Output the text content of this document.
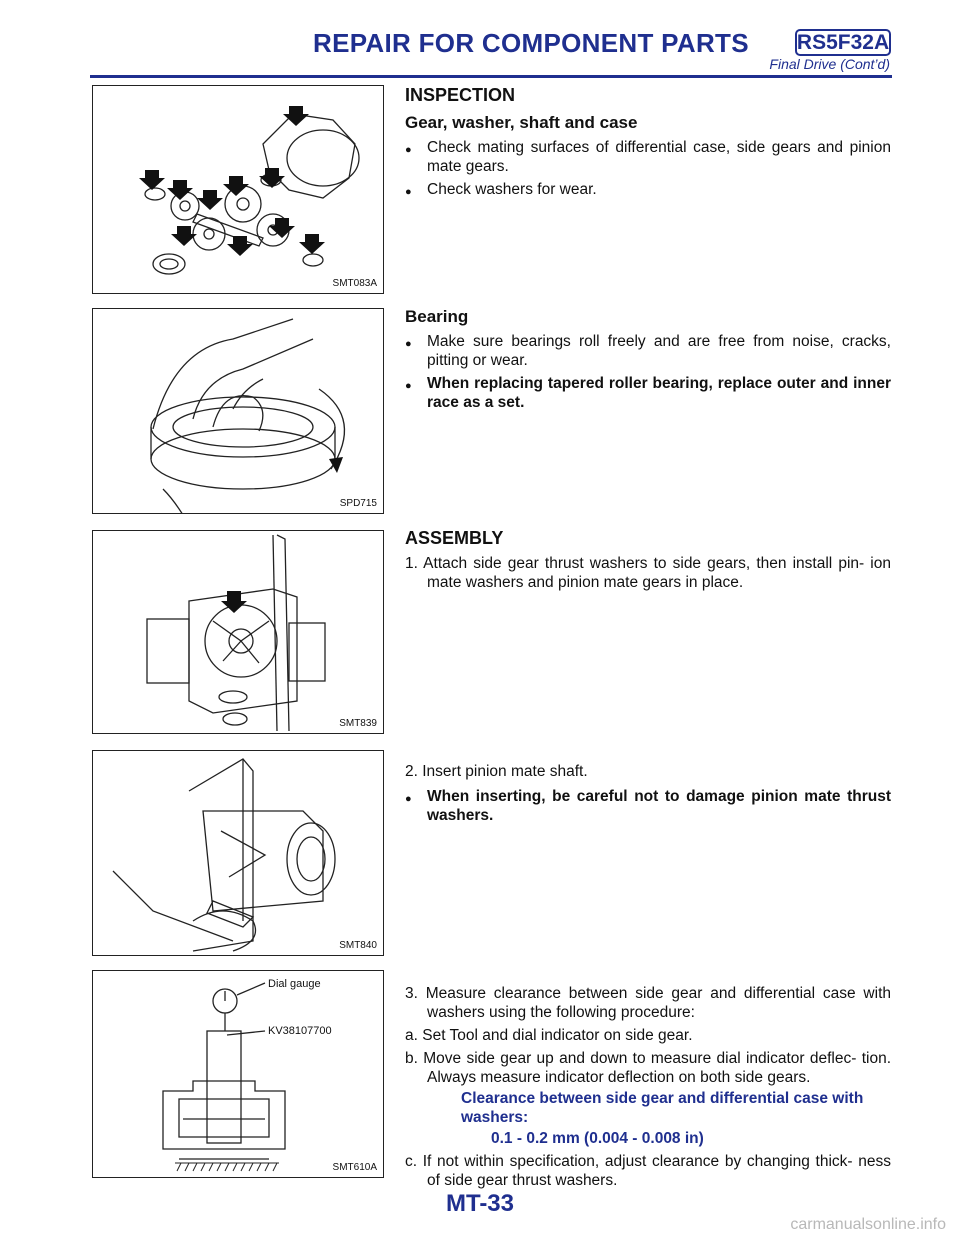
REPAIR FOR COMPONENT PARTS RS5F32A
Final Drive (Cont’d)
SMT083A
SPD715
SMT839
SMT840
Dial gauge
KV38107700
SMT610A

INSPECTION

Gear, washer, shaft and case

● Check mating surfaces of differential case, side gears and pinion mate gears.
● Check washers for wear.

Bearing

● Make sure bearings roll freely and are free from noise, cracks, pitting or wear.
● When replacing tapered roller bearing, replace outer and inner race as a set.

ASSEMBLY

1. Attach side gear thrust washers to side gears, then install pin- ion mate washers and pinion mate gears in place.
2. Insert pinion mate shaft.
● When inserting, be careful not to damage pinion mate thrust washers.
3. Measure clearance between side gear and differential case with washers using the following procedure:
a. Set Tool and dial indicator on side gear.
b. Move side gear up and down to measure dial indicator deflec- tion. Always measure indicator deflection on both side gears.
Clearance between side gear and differential case with washers:
0.1 - 0.2 mm (0.004 - 0.008 in)
c. If not within specification, adjust clearance by changing thick- ness of side gear thrust washers.
MT-33
carmanualsonline.info
